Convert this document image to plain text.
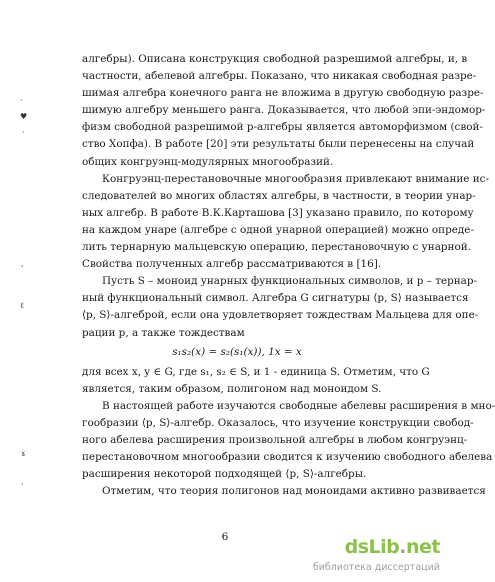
·
♥
·
'
ℓ
ɤ
·
алгебры). Описана конструкция свободной разрешимой алгебры, и, в
частности, абелевой алгебры. Показано, что никакая свободная разре-
шимая алгебра конечного ранга не вложима в другую свободную разре-
шимую алгебру меньшего ранга. Доказывается, что любой эпи-эндомор-
физм свободной разрешимой p-алгебры является автоморфизмом (свой-
ство Хопфа). В работе [20] эти результаты были перенесены на случай
общих конгруэнц-модулярных многообразий.
Конгруэнц-перестановочные многообразия привлекают внимание ис-
следователей во многих областях алгебры, в частности, в теории унар-
ных алгебр. В работе В.К.Карташова [3] указано правило, по которому
на каждом унаре (алгебре с одной унарной операцией) можно опреде-
лить тернарную мальцевскую операцию, перестановочную с унарной.
Свойства полученных алгебр рассматриваются в [16].
Пусть S – моноид унарных функциональных символов, и p – тернар-
ный функциональный символ. Алгебра G сигнатуры ⟨p, S⟩ называется
⟨p, S⟩-алгеброй, если она удовлетворяет тождествам Мальцева для опе-
рации p, а также тождествам
s₁s₂(x) = s₂(s₁(x)), 1x = x
для всех x, y ∈ G, где s₁, s₂ ∈ S, и 1 - единица S. Отметим, что G
является, таким образом, полигоном над моноидом S.
В настоящей работе изучаются свободные абелевы расширения в мно-
гообразии ⟨p, S⟩-алгебр. Оказалось, что изучение конструкции свобод-
ного абелева расширения произвольной алгебры в любом конгруэнц-
перестановочном многообразии сводится к изучению свободного абелева
расширения некоторой подходящей ⟨p, S⟩-алгебры.
Отметим, что теория полигонов над моноидами активно развивается
6	dsLib.net
библиотека диссертаций
